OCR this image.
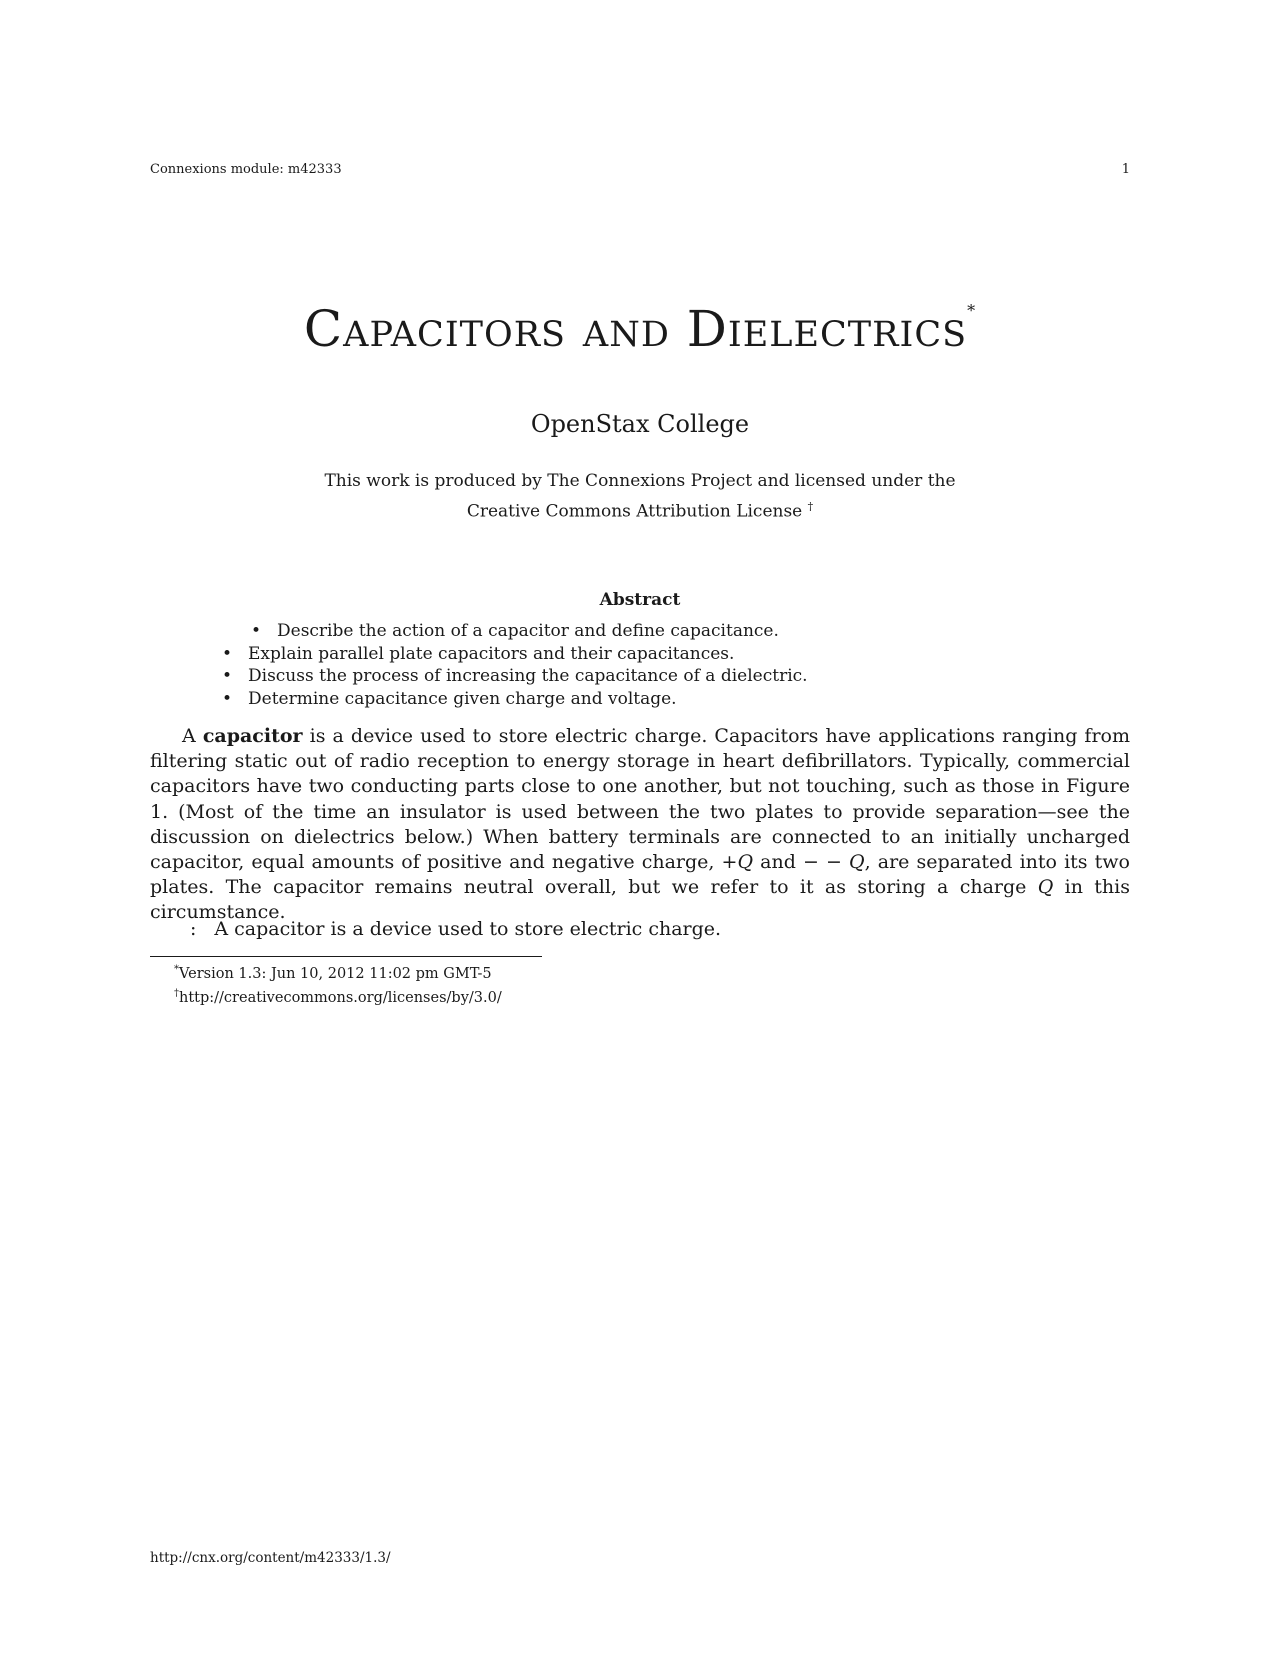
Connexions module: m42333	1
Capacitors and Dielectrics*
OpenStax College
This work is produced by The Connexions Project and licensed under the
Creative Commons Attribution License †
Abstract
• Describe the action of a capacitor and define capacitance.
• Explain parallel plate capacitors and their capacitances.
• Discuss the process of increasing the capacitance of a dielectric.
• Determine capacitance given charge and voltage.

A capacitor is a device used to store electric charge. Capacitors have applications ranging from filtering static out of radio reception to energy storage in heart defibrillators. Typically, commercial capacitors have two conducting parts close to one another, but not touching, such as those in Figure 1. (Most of the time an insulator is used between the two plates to provide separation—see the discussion on dielectrics below.) When battery terminals are connected to an initially uncharged capacitor, equal amounts of positive and negative charge, +Q and − − Q, are separated into its two plates. The capacitor remains neutral overall, but we refer to it as storing a charge Q in this circumstance.

: A capacitor is a device used to store electric charge.
*Version 1.3: Jun 10, 2012 11:02 pm GMT-5
†http://creativecommons.org/licenses/by/3.0/
http://cnx.org/content/m42333/1.3/
